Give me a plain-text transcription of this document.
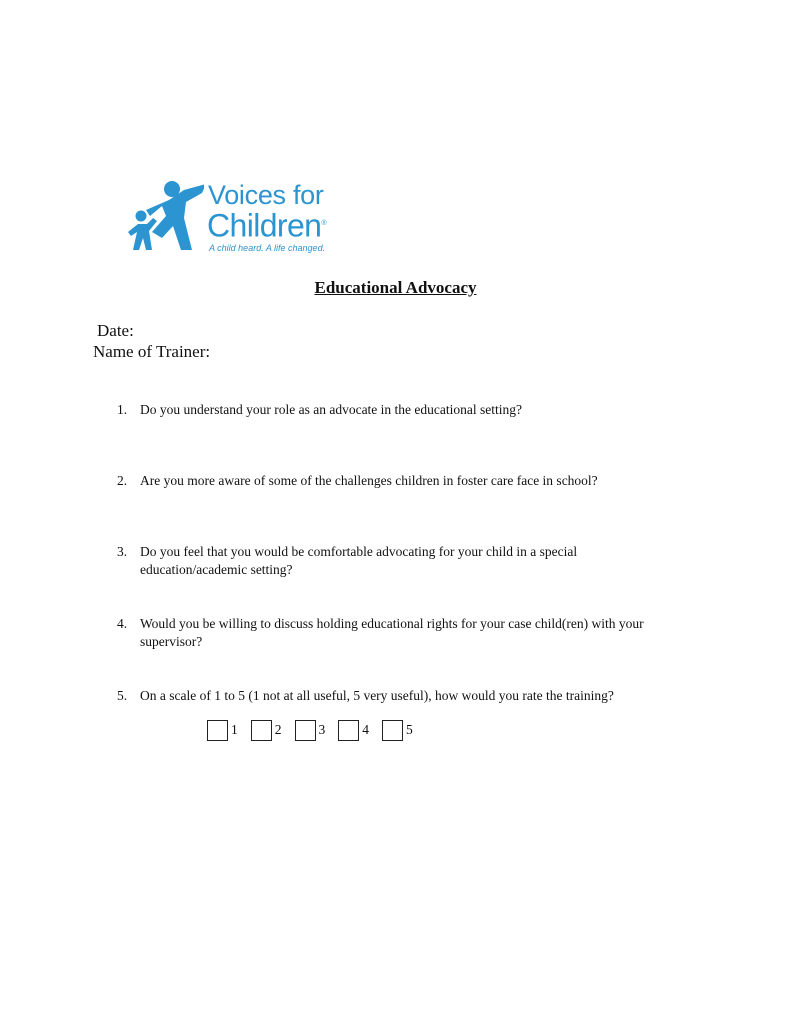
Voices for
Children®
A child heard. A life changed.
Educational Advocacy
Date:
Name of Trainer:
1. Do you understand your role as an advocate in the educational setting?
2. Are you more aware of some of the challenges children in foster care face in school?
3. Do you feel that you would be comfortable advocating for your child in a special education/academic setting?
4. Would you be willing to discuss holding educational rights for your case child(ren) with your supervisor?
5. On a scale of 1 to 5 (1 not at all useful, 5 very useful), how would you rate the training?
1	2	3	4	5
